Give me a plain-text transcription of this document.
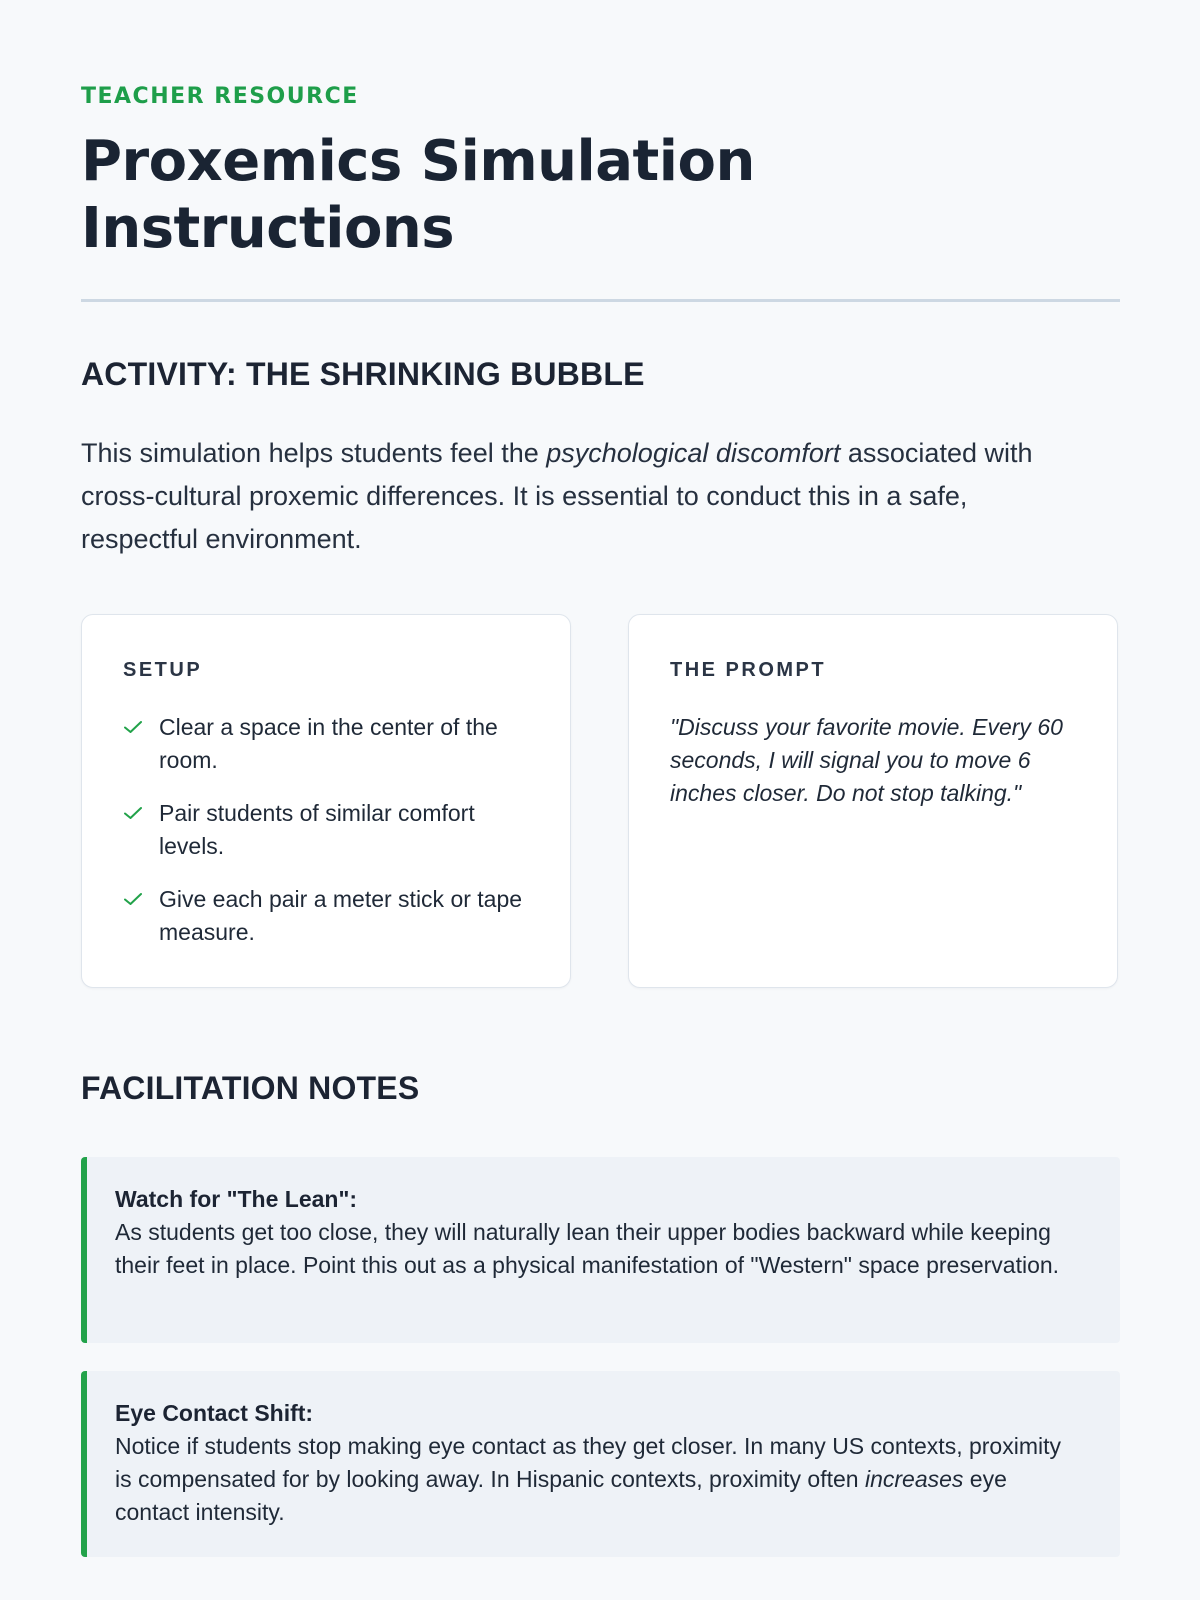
TEACHER RESOURCE
Proxemics Simulation Instructions
ACTIVITY: THE SHRINKING BUBBLE

This simulation helps students feel the psychological discomfort associated with cross-cultural proxemic differences. It is essential to conduct this in a safe, respectful environment.

SETUP
Clear a space in the center of the room.
Pair students of similar comfort levels.
Give each pair a meter stick or tape measure.
THE PROMPT

"Discuss your favorite movie. Every 60 seconds, I will signal you to move 6 inches closer. Do not stop talking."

FACILITATION NOTES
Watch for "The Lean":
As students get too close, they will naturally lean their upper bodies backward while keeping their feet in place. Point this out as a physical manifestation of "Western" space preservation.
Eye Contact Shift:
Notice if students stop making eye contact as they get closer. In many US contexts, proximity is compensated for by looking away. In Hispanic contexts, proximity often increases eye contact intensity.
